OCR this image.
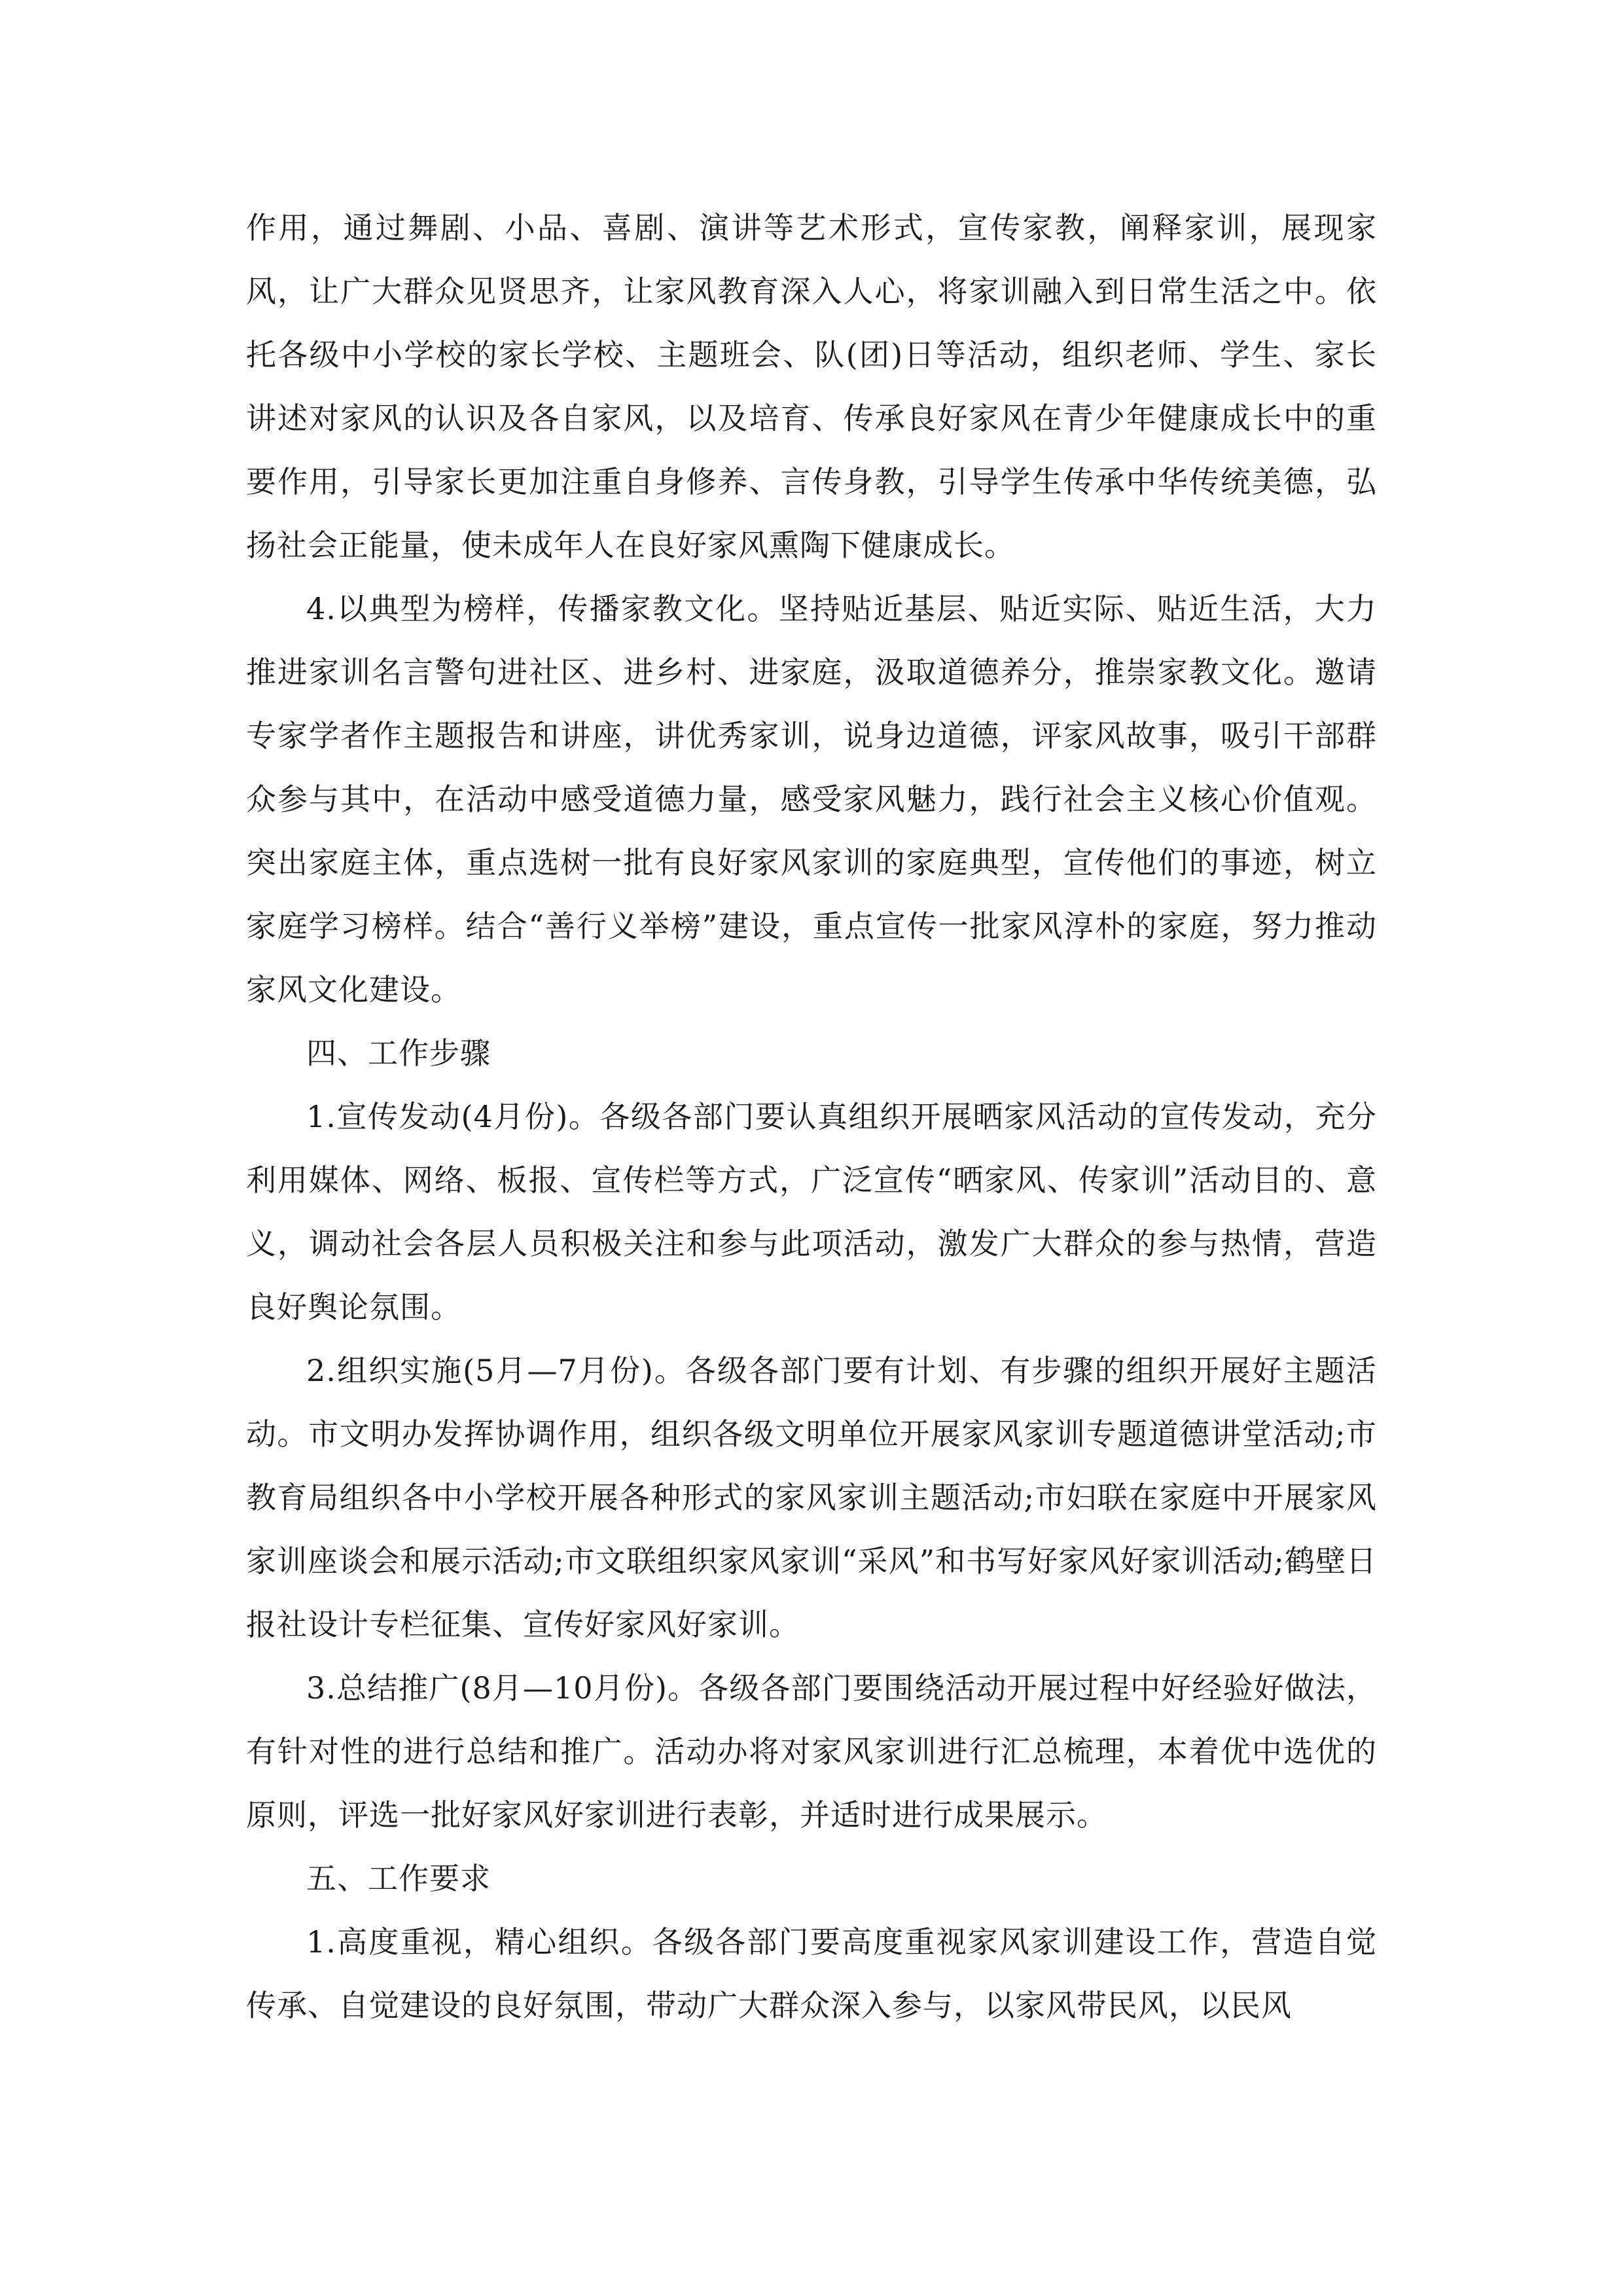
作用，通过舞剧、小品、喜剧、演讲等艺术形式，宣传家教，阐释家训，展现家风，让广大群众见贤思齐，让家风教育深入人心，将家训融入到日常生活之中。依托各级中小学校的家长学校、主题班会、队(团)日等活动，组织老师、学生、家长讲述对家风的认识及各自家风，以及培育、传承良好家风在青少年健康成长中的重要作用，引导家长更加注重自身修养、言传身教，引导学生传承中华传统美德，弘扬社会正能量，使未成年人在良好家风熏陶下健康成长。

4.以典型为榜样，传播家教文化。坚持贴近基层、贴近实际、贴近生活，大力推进家训名言警句进社区、进乡村、进家庭，汲取道德养分，推崇家教文化。邀请专家学者作主题报告和讲座，讲优秀家训，说身边道德，评家风故事，吸引干部群众参与其中，在活动中感受道德力量，感受家风魅力，践行社会主义核心价值观。突出家庭主体，重点选树一批有良好家风家训的家庭典型，宣传他们的事迹，树立家庭学习榜样。结合“善行义举榜”建设，重点宣传一批家风淳朴的家庭，努力推动家风文化建设。

四、工作步骤

1.宣传发动(4月份)。各级各部门要认真组织开展晒家风活动的宣传发动，充分利用媒体、网络、板报、宣传栏等方式，广泛宣传“晒家风、传家训”活动目的、意义，调动社会各层人员积极关注和参与此项活动，激发广大群众的参与热情，营造良好舆论氛围。

2.组织实施(5月—7月份)。各级各部门要有计划、有步骤的组织开展好主题活动。市文明办发挥协调作用，组织各级文明单位开展家风家训专题道德讲堂活动;市教育局组织各中小学校开展各种形式的家风家训主题活动;市妇联在家庭中开展家风家训座谈会和展示活动;市文联组织家风家训“采风”和书写好家风好家训活动;鹤壁日报社设计专栏征集、宣传好家风好家训。

3.总结推广(8月—10月份)。各级各部门要围绕活动开展过程中好经验好做法，有针对性的进行总结和推广。活动办将对家风家训进行汇总梳理，本着优中选优的原则，评选一批好家风好家训进行表彰，并适时进行成果展示。

五、工作要求

1.高度重视，精心组织。各级各部门要高度重视家风家训建设工作，营造自觉传承、自觉建设的良好氛围，带动广大群众深入参与，以家风带民风，以民风
